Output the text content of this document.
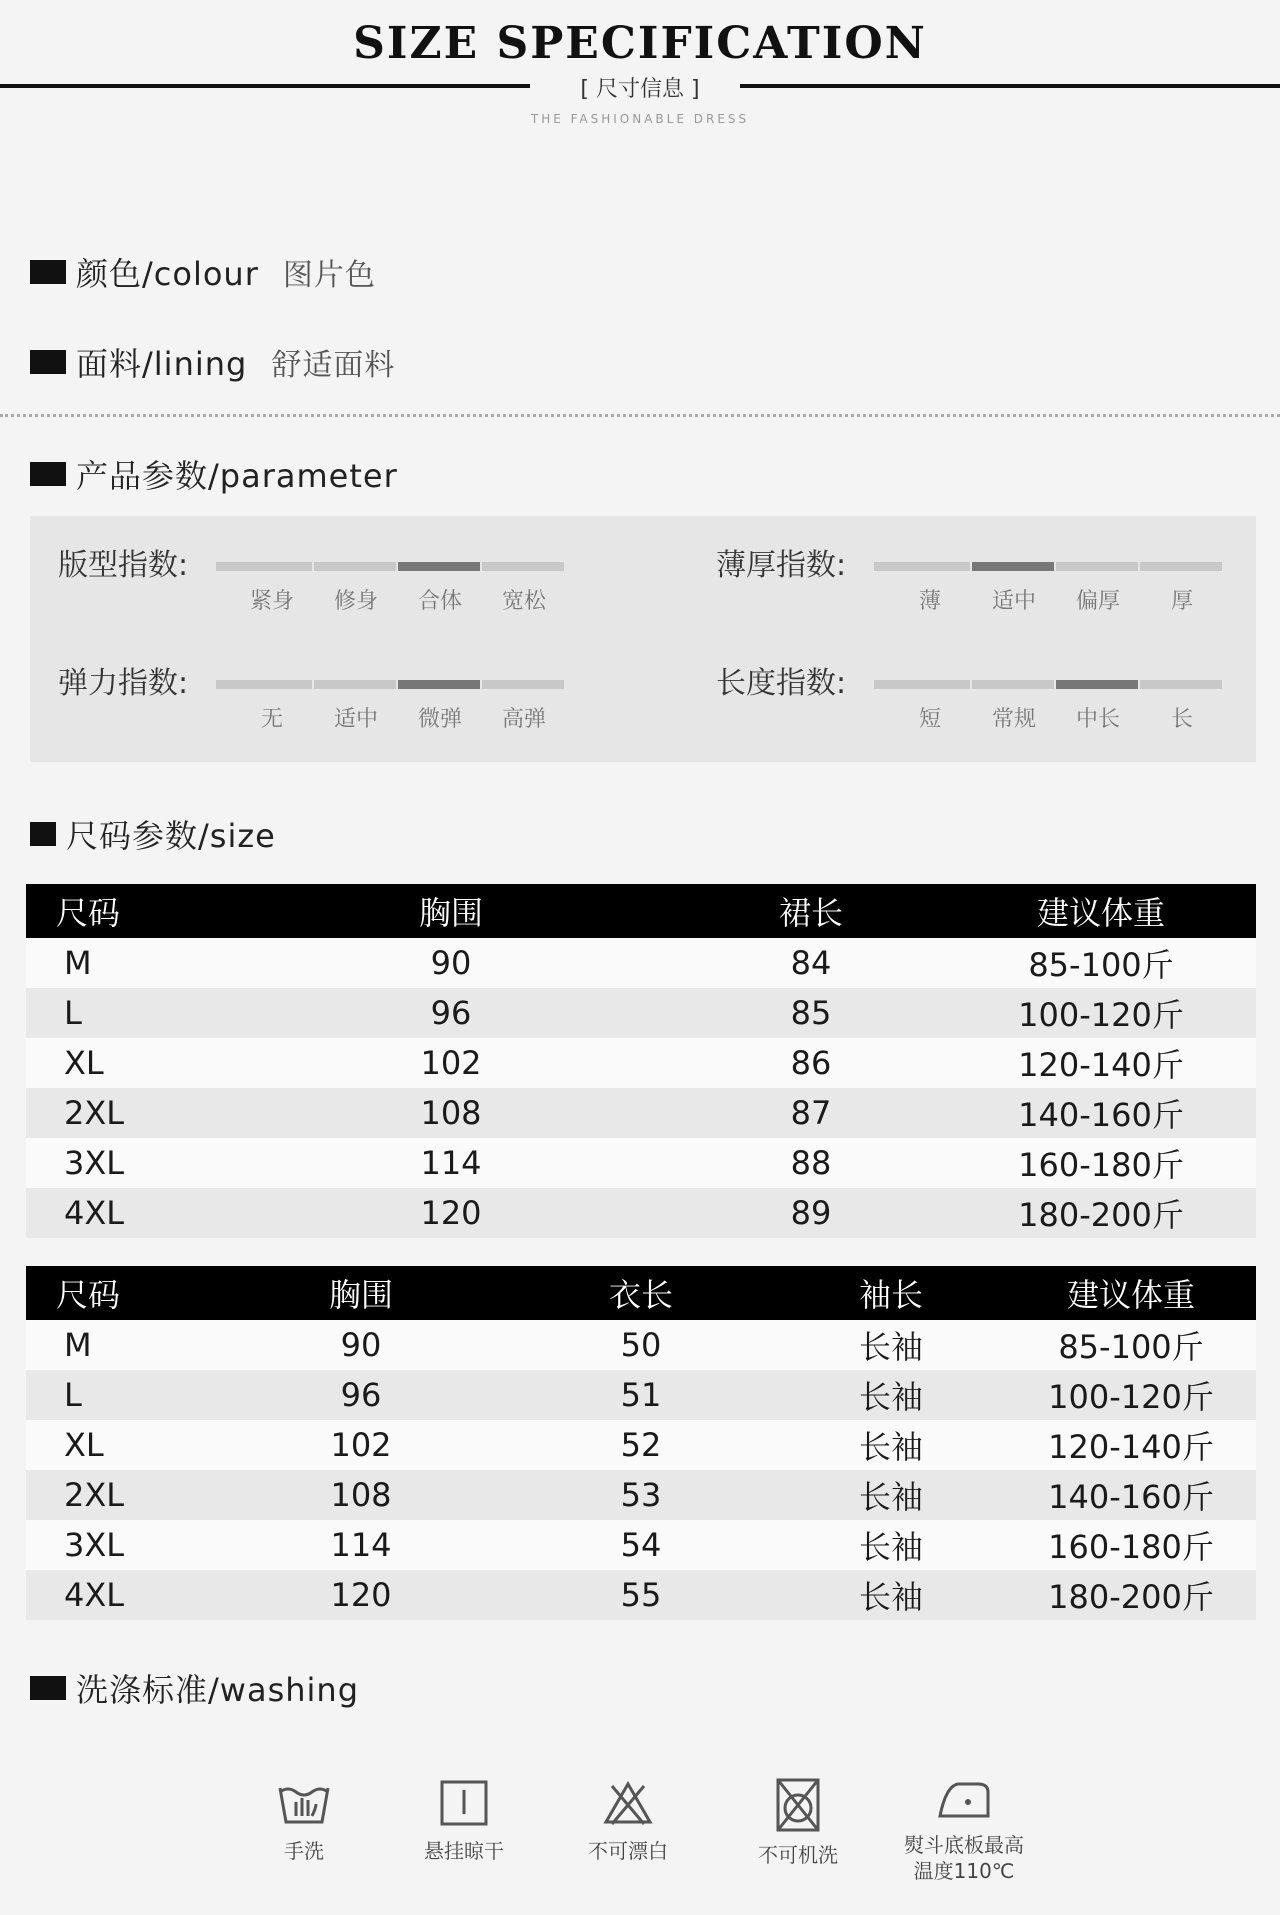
SIZE SPECIFICATION
[ 尺寸信息 ]
THE FASHIONABLE DRESS
颜色/colour 图片色
面料/lining 舒适面料
产品参数/parameter
版型指数:
紧身	修身	合体	宽松
薄厚指数:
薄	适中	偏厚	厚
弹力指数:
无	适中	微弹	高弹
长度指数:
短	常规	中长	长
尺码参数/size
尺码	胸围	裙长	建议体重
M	90	84	85-100斤
L	96	85	100-120斤
XL	102	86	120-140斤
2XL	108	87	140-160斤
3XL	114	88	160-180斤
4XL	120	89	180-200斤
尺码	胸围	衣长	袖长	建议体重
M	90	50	长袖	85-100斤
L	96	51	长袖	100-120斤
XL	102	52	长袖	120-140斤
2XL	108	53	长袖	140-160斤
3XL	114	54	长袖	160-180斤
4XL	120	55	长袖	180-200斤
洗涤标准/washing
手洗	悬挂晾干	不可漂白	不可机洗	熨斗底板最高
温度110℃
